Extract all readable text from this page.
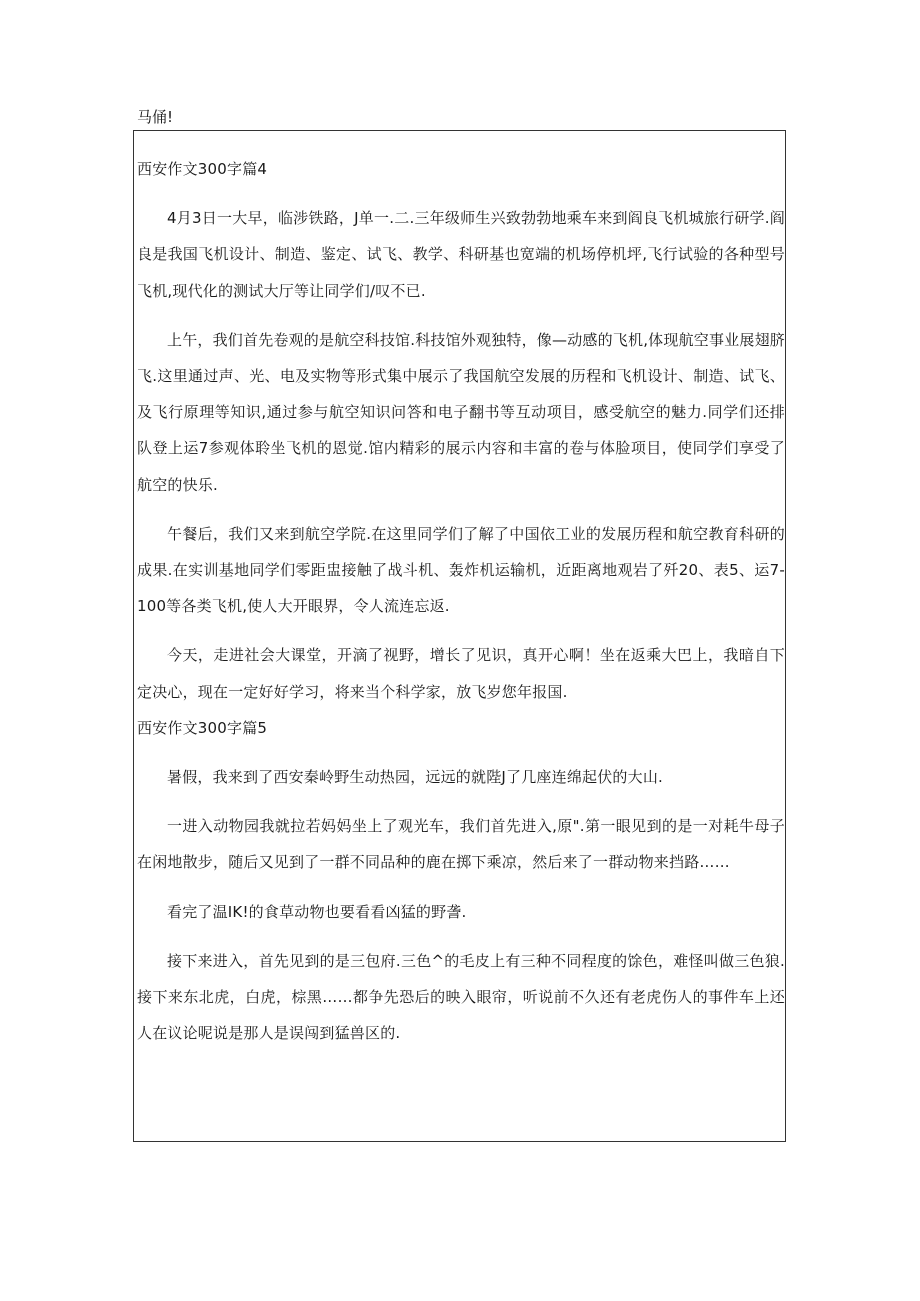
马俑!

西安作文300字篇4

4月3日一大早，临涉铁路，J单一.二.三年级师生兴致勃勃地乘车来到阎良飞机城旅行研学.阎良是我国飞机设计、制造、鉴定、试飞、教学、科研基也宽端的机场停机坪,飞行试验的各种型号飞机,现代化的测试大厅等让同学们/叹不已.

上午，我们首先卷观的是航空科技馆.科技馆外观独特，像—动感的飞机,体现航空事业展翅脐飞.这里通过声、光、电及实物等形式集中展示了我国航空发展的历程和飞机设计、制造、试飞、及飞行原理等知识,通过参与航空知识问答和电子翻书等互动项目，感受航空的魅力.同学们还排队登上运7参观体聆坐飞机的恩觉.馆内精彩的展示内容和丰富的卷与体脸项目，使同学们享受了航空的快乐.

午餐后，我们又来到航空学院.在这里同学们了解了中国依工业的发展历程和航空教育科研的成果.在实训基地同学们零距盅接触了战斗机、轰炸机运输机，近距离地观岩了歼20、表5、运7-100等各类飞机,使人大开眼界，令人流连忘返.

今天，走进社会大课堂，开滴了视野，增长了见识，真开心啊！坐在返乘大巴上，我暗自下定决心，现在一定好好学习，将来当个科学家，放飞岁您年报国.

西安作文300字篇5

暑假，我来到了西安秦岭野生动热园，远远的就陛J了几座连绵起伏的大山.

一进入动物园我就拉若妈妈坐上了观光车，我们首先进入,原".第一眼见到的是一对耗牛母子在闲地散步，随后又见到了一群不同品种的鹿在掷下乘凉，然后来了一群动物来挡路……

看完了温IK!的食草动物也要看看凶猛的野詟.

接下来进入，首先见到的是三包府.三色^的毛皮上有三种不同程度的馀色，难怪叫做三色狼.接下来东北虎，白虎，棕黑……都争先恐后的映入眼帘，听说前不久还有老虎伤人的事件车上还人在议论呢说是那人是误闯到猛兽区的.
